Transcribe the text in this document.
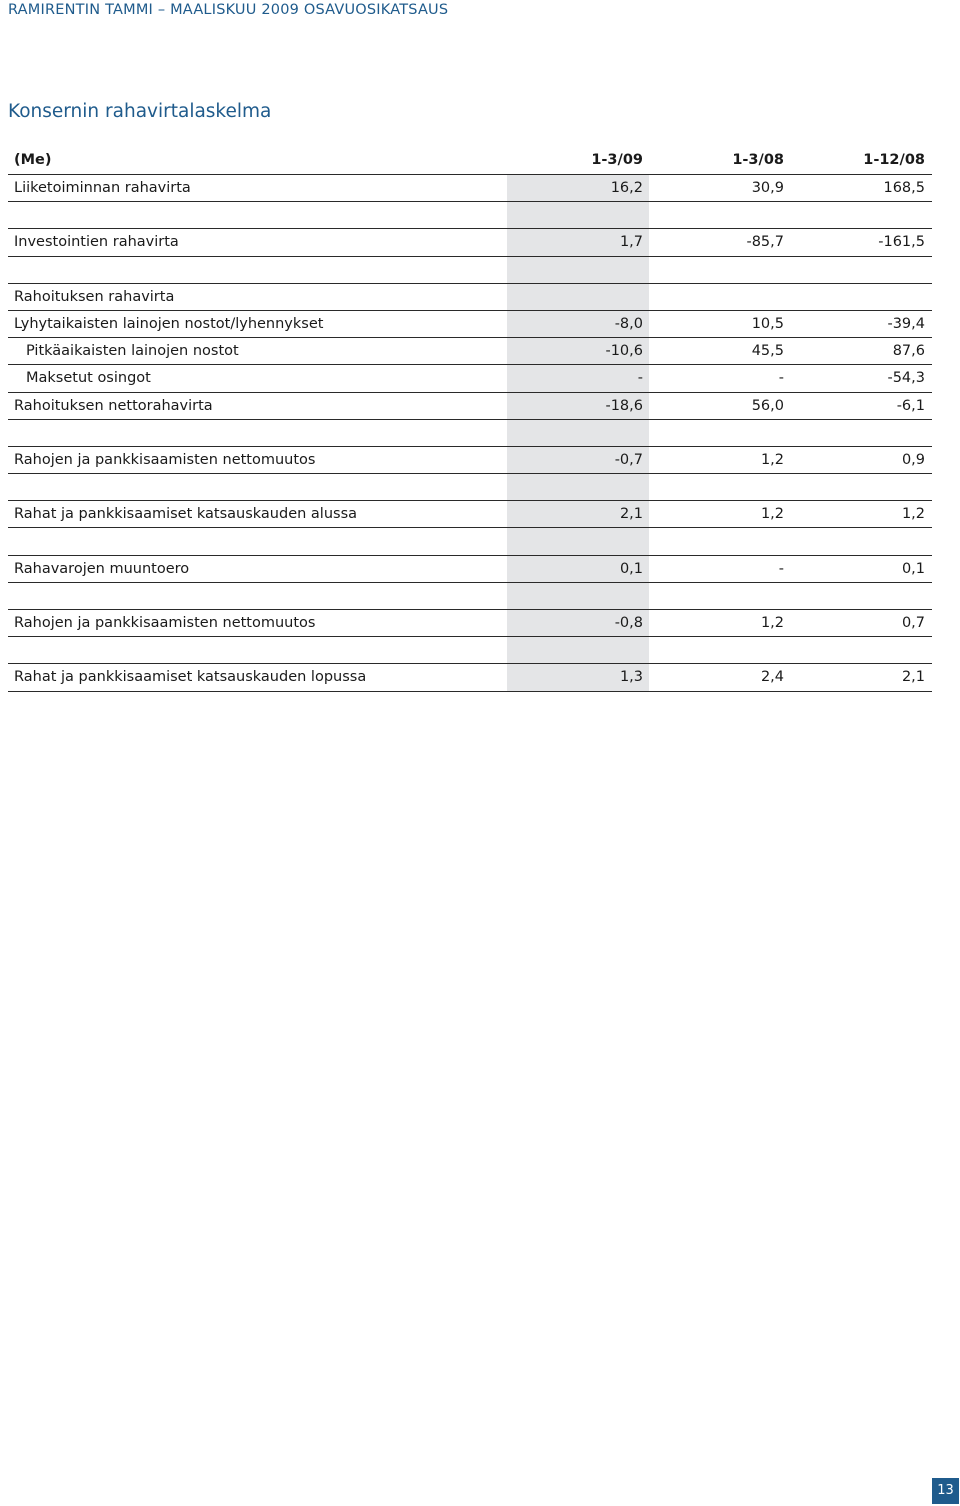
RAMIRENTIN TAMMI – MAALISKUU 2009 OSAVUOSIKATSAUS
Konsernin rahavirtalaskelma
(Me)	1-3/09	1-3/08	1-12/08
Liiketoiminnan rahavirta	16,2	30,9	168,5
Investointien rahavirta	1,7	-85,7	-161,5
Rahoituksen rahavirta
Lyhytaikaisten lainojen nostot/lyhennykset	-8,0	10,5	-39,4
Pitkäaikaisten lainojen nostot	-10,6	45,5	87,6
Maksetut osingot	-	-	-54,3
Rahoituksen nettorahavirta	-18,6	56,0	-6,1
Rahojen ja pankkisaamisten nettomuutos	-0,7	1,2	0,9
Rahat ja pankkisaamiset katsauskauden alussa	2,1	1,2	1,2
Rahavarojen muuntoero	0,1	-	0,1
Rahojen ja pankkisaamisten nettomuutos	-0,8	1,2	0,7
Rahat ja pankkisaamiset katsauskauden lopussa	1,3	2,4	2,1
13
